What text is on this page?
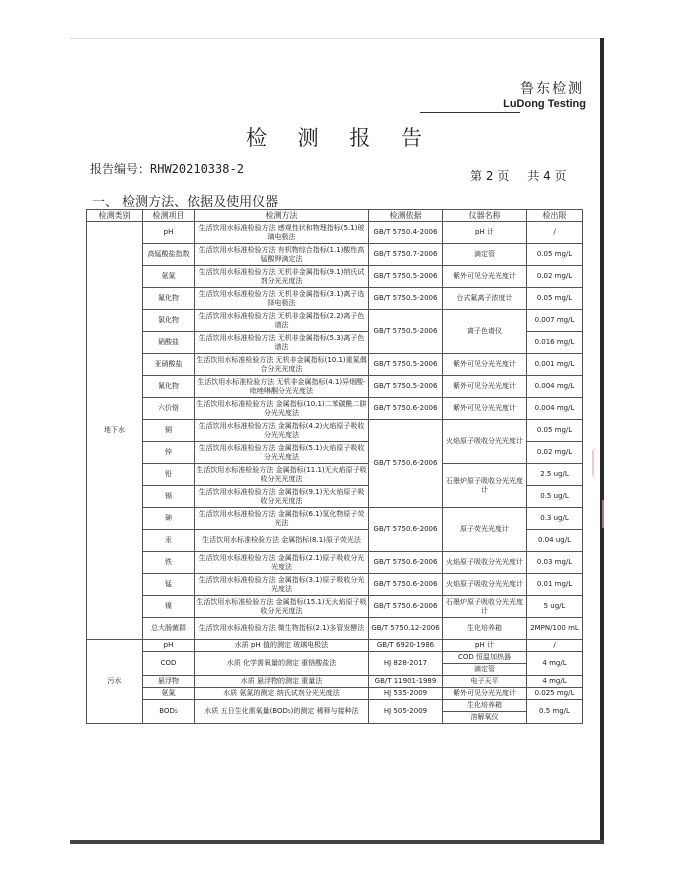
鲁东检测
LuDong Testing
检 测 报 告
报告编号：RHW20210338-2	第 2 页 共 4 页
一、 检测方法、依据及使用仪器
检测类别	检测项目	检测方法	检测依据	仪器名称	检出限
地下水	pH	生活饮用水标准检验方法 感观性状和物理指标(5.1)玻璃电极法	GB/T 5750.4-2006	pH 计	/
	高锰酸盐指数	生活饮用水标准检验方法 有机物综合指标(1.1)酸性高锰酸钾滴定法	GB/T 5750.7-2006	滴定管	0.05 mg/L
	氨氮	生活饮用水标准检验方法 无机非金属指标(9.1)纳氏试剂分光光度法	GB/T 5750.5-2006	紫外可见分光光度计	0.02 mg/L
	氟化物	生活饮用水标准检验方法 无机非金属指标(3.1)离子选择电极法	GB/T 5750.5-2006	台式氟离子浓度计	0.05 mg/L
	氯化物	生活饮用水标准检验方法 无机非金属指标(2.2)离子色谱法	GB/T 5750.5-2006	离子色谱仪	0.007 mg/L
	硝酸盐	生活饮用水标准检验方法 无机非金属指标(5.3)离子色谱法			0.016 mg/L
	亚硝酸盐	生活饮用水标准检验方法 无机非金属指标(10.1)重氮偶合分光光度法	GB/T 5750.5-2006	紫外可见分光光度计	0.001 mg/L
	氰化物	生活饮用水标准检验方法 无机非金属指标(4.1)异烟酸-吡唑啉酮分光光度法	GB/T 5750.5-2006	紫外可见分光光度计	0.004 mg/L
	六价铬	生活饮用水标准检验方法 金属指标(10.1)二苯碳酰二肼分光光度法	GB/T 5750.6-2006	紫外可见分光光度计	0.004 mg/L
	铜	生活饮用水标准检验方法 金属指标(4.2)火焰原子吸收分光光度法	GB/T 5750.6-2006	火焰原子吸收分光光度计	0.05 mg/L
	锌	生活饮用水标准检验方法 金属指标(5.1)火焰原子吸收分光光度法			0.02 mg/L
	铅	生活饮用水标准检验方法 金属指标(11.1)无火焰原子吸收分光光度法		石墨炉原子吸收分光光度计	2.5 ug/L
	镉	生活饮用水标准检验方法 金属指标(9.1)无火焰原子吸收分光光度法			0.5 ug/L
	砷	生活饮用水标准检验方法 金属指标(6.1)氢化物原子荧光法	GB/T 5750.6-2006	原子荧光光度计	0.3 ug/L
	汞	生活饮用水标准检验方法 金属指标(8.1)原子荧光法			0.04 ug/L
	铁	生活饮用水标准检验方法 金属指标(2.1)原子吸收分光光度法	GB/T 5750.6-2006	火焰原子吸收分光光度计	0.03 mg/L
	锰	生活饮用水标准检验方法 金属指标(3.1)原子吸收分光光度法	GB/T 5750.6-2006	火焰原子吸收分光光度计	0.01 mg/L
	镍	生活饮用水标准检验方法 金属指标(15.1)无火焰原子吸收分光光度法	GB/T 5750.6-2006	石墨炉原子吸收分光光度计	5 ug/L
	总大肠菌群	生活饮用水标准检验方法 微生物指标(2.1)多管发酵法	GB/T 5750.12-2006	生化培养箱	2MPN/100 mL
污水	pH	水质 pH 值的测定 玻璃电极法	GB/T 6920-1986	pH 计	/
	COD	水质 化学需氧量的测定 重铬酸盐法	HJ 828-2017	COD 恒温加热器	4 mg/L
				滴定管	
	悬浮物	水质 悬浮物的测定 重量法	GB/T 11901-1989	电子天平	4 mg/L
	氨氮	水质 氨氮的测定 纳氏试剂分光光度法	HJ 535-2009	紫外可见分光光度计	0.025 mg/L
	BOD₅	水质 五日生化需氧量(BOD₅)的测定 稀释与接种法	HJ 505-2009	生化培养箱	0.5 mg/L
				溶解氧仪	
